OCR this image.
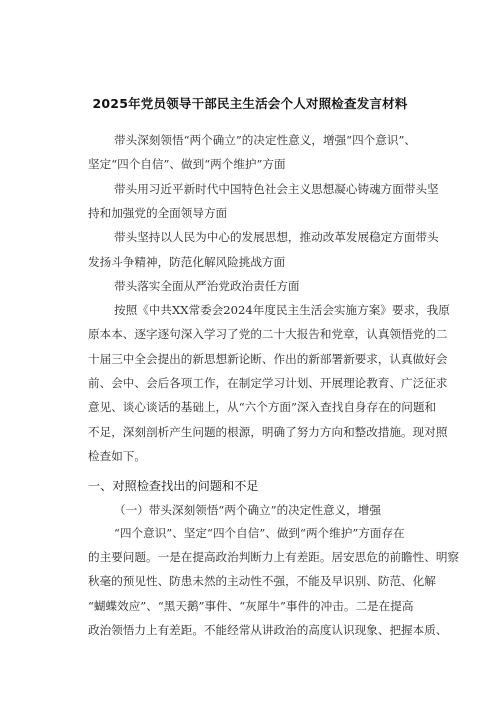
2025年党员领导干部民主生活会个人对照检查发言材料
一、对照检查找出的问题和不足
（一）带头深刻领悟“两个确立”的决定性意义，增强
带头深刻领悟“两个确立”的决定性意义，增强“四个意识”、
坚定“四个自信”、做到“两个维护”方面
带头用习近平新时代中国特色社会主义思想凝心铸魂方面带头坚
持和加强党的全面领导方面
带头坚持以人民为中心的发展思想，推动改革发展稳定方面带头
发扬斗争精神，防范化解风险挑战方面
带头落实全面从严治党政治责任方面
按照《中共XX常委会2024年度民主生活会实施方案》要求，我原
原本本、逐字逐句深入学习了党的二十大报告和党章，认真领悟党的二
十届三中全会提出的新思想新论断、作出的新部署新要求，认真做好会
前、会中、会后各项工作，在制定学习计划、开展理论教育、广泛征求
意见、谈心谈话的基础上，从“六个方面”深入查找自身存在的问题和
不足，深刻剖析产生问题的根源，明确了努力方向和整改措施。现对照
检查如下。
“四个意识”、坚定“四个自信”、做到“两个维护”方面存在
的主要问题。一是在提高政治判断力上有差距。居安思危的前瞻性、明察
秋毫的预见性、防患未然的主动性不强，不能及早识别、防范、化解
“蝴蝶效应”、“黑天鹅”事件、“灰犀牛”事件的冲击。二是在提高
政治领悟力上有差距。不能经常从讲政治的高度认识现象、把握本质、
